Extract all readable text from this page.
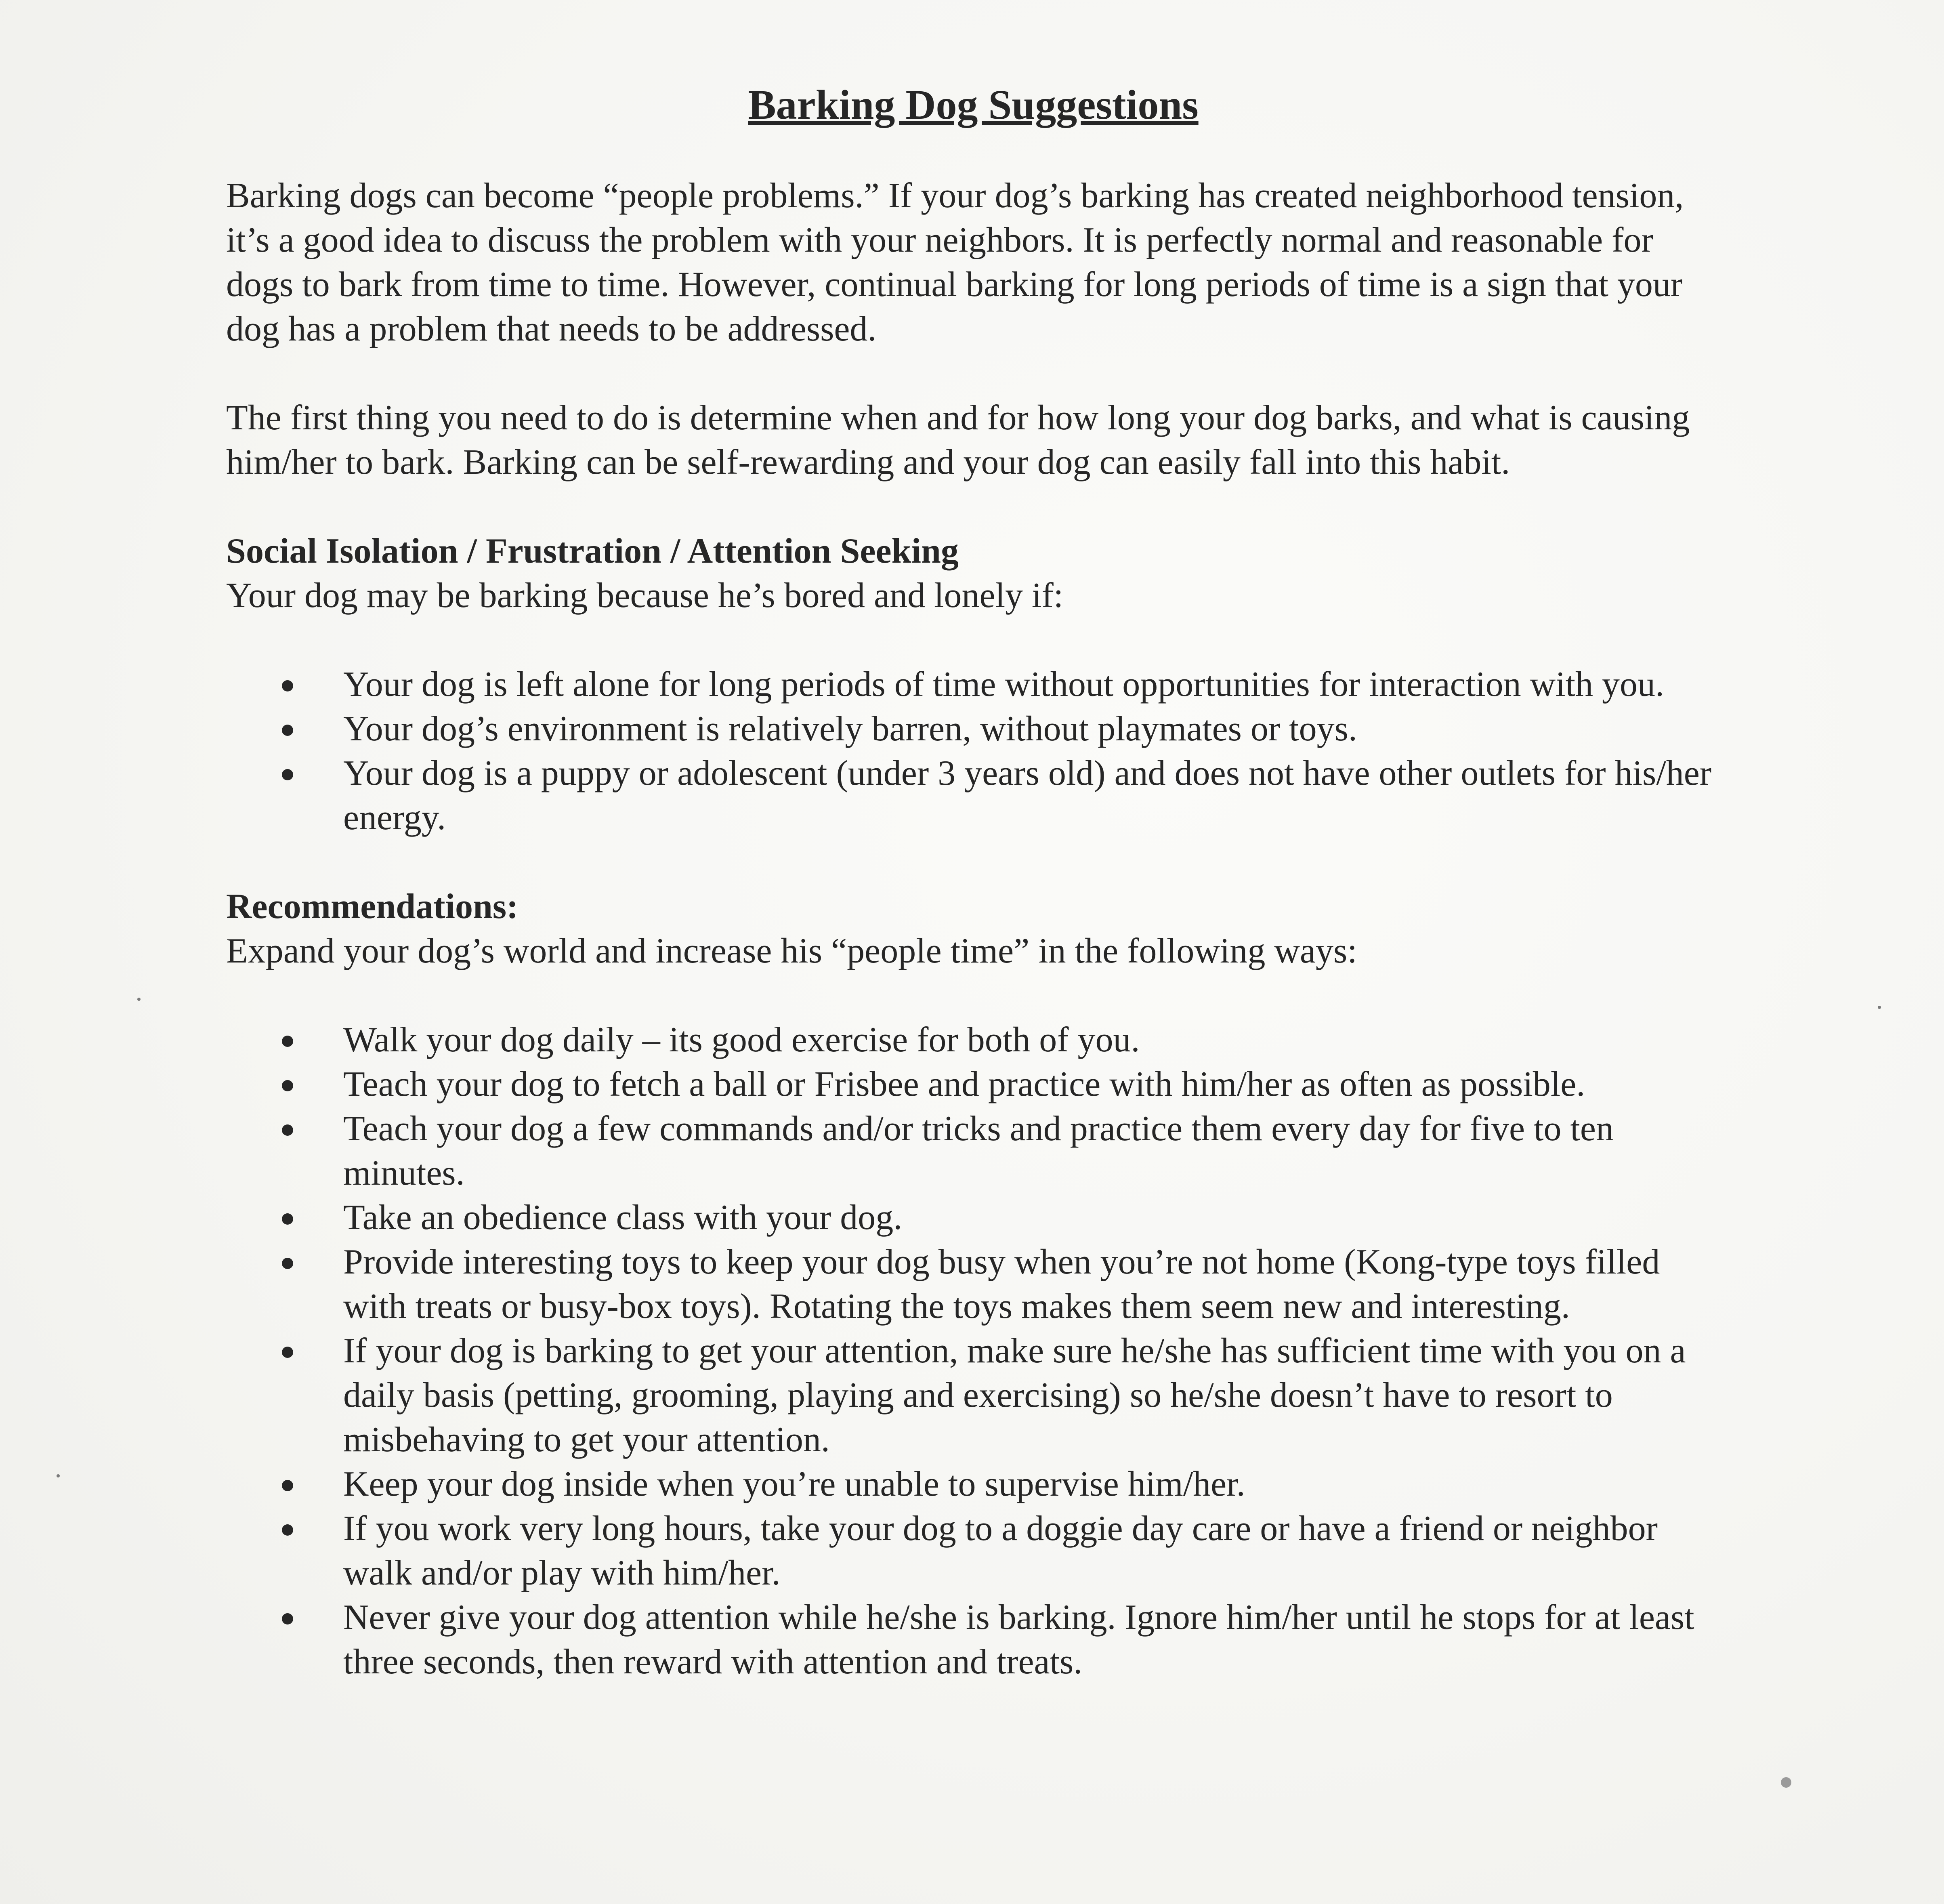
Barking Dog Suggestions

Barking dogs can become “people problems.” If your dog’s barking has created neighborhood tension, it’s a good idea to discuss the problem with your neighbors. It is perfectly normal and reasonable for dogs to bark from time to time. However, continual barking for long periods of time is a sign that your dog has a problem that needs to be addressed.

The first thing you need to do is determine when and for how long your dog barks, and what is causing him/her to bark. Barking can be self-rewarding and your dog can easily fall into this habit.

Social Isolation / Frustration / Attention Seeking

Your dog may be barking because he’s bored and lonely if:

Your dog is left alone for long periods of time without opportunities for interaction with you.
Your dog’s environment is relatively barren, without playmates or toys.
Your dog is a puppy or adolescent (under 3 years old) and does not have other outlets for his/her energy.
Recommendations:

Expand your dog’s world and increase his “people time” in the following ways:

Walk your dog daily – its good exercise for both of you.
Teach your dog to fetch a ball or Frisbee and practice with him/her as often as possible.
Teach your dog a few commands and/or tricks and practice them every day for five to ten minutes.
Take an obedience class with your dog.
Provide interesting toys to keep your dog busy when you’re not home (Kong-type toys filled with treats or busy-box toys). Rotating the toys makes them seem new and interesting.
If your dog is barking to get your attention, make sure he/she has sufficient time with you on a daily basis (petting, grooming, playing and exercising) so he/she doesn’t have to resort to misbehaving to get your attention.
Keep your dog inside when you’re unable to supervise him/her.
If you work very long hours, take your dog to a doggie day care or have a friend or neighbor walk and/or play with him/her.
Never give your dog attention while he/she is barking. Ignore him/her until he stops for at least three seconds, then reward with attention and treats.
